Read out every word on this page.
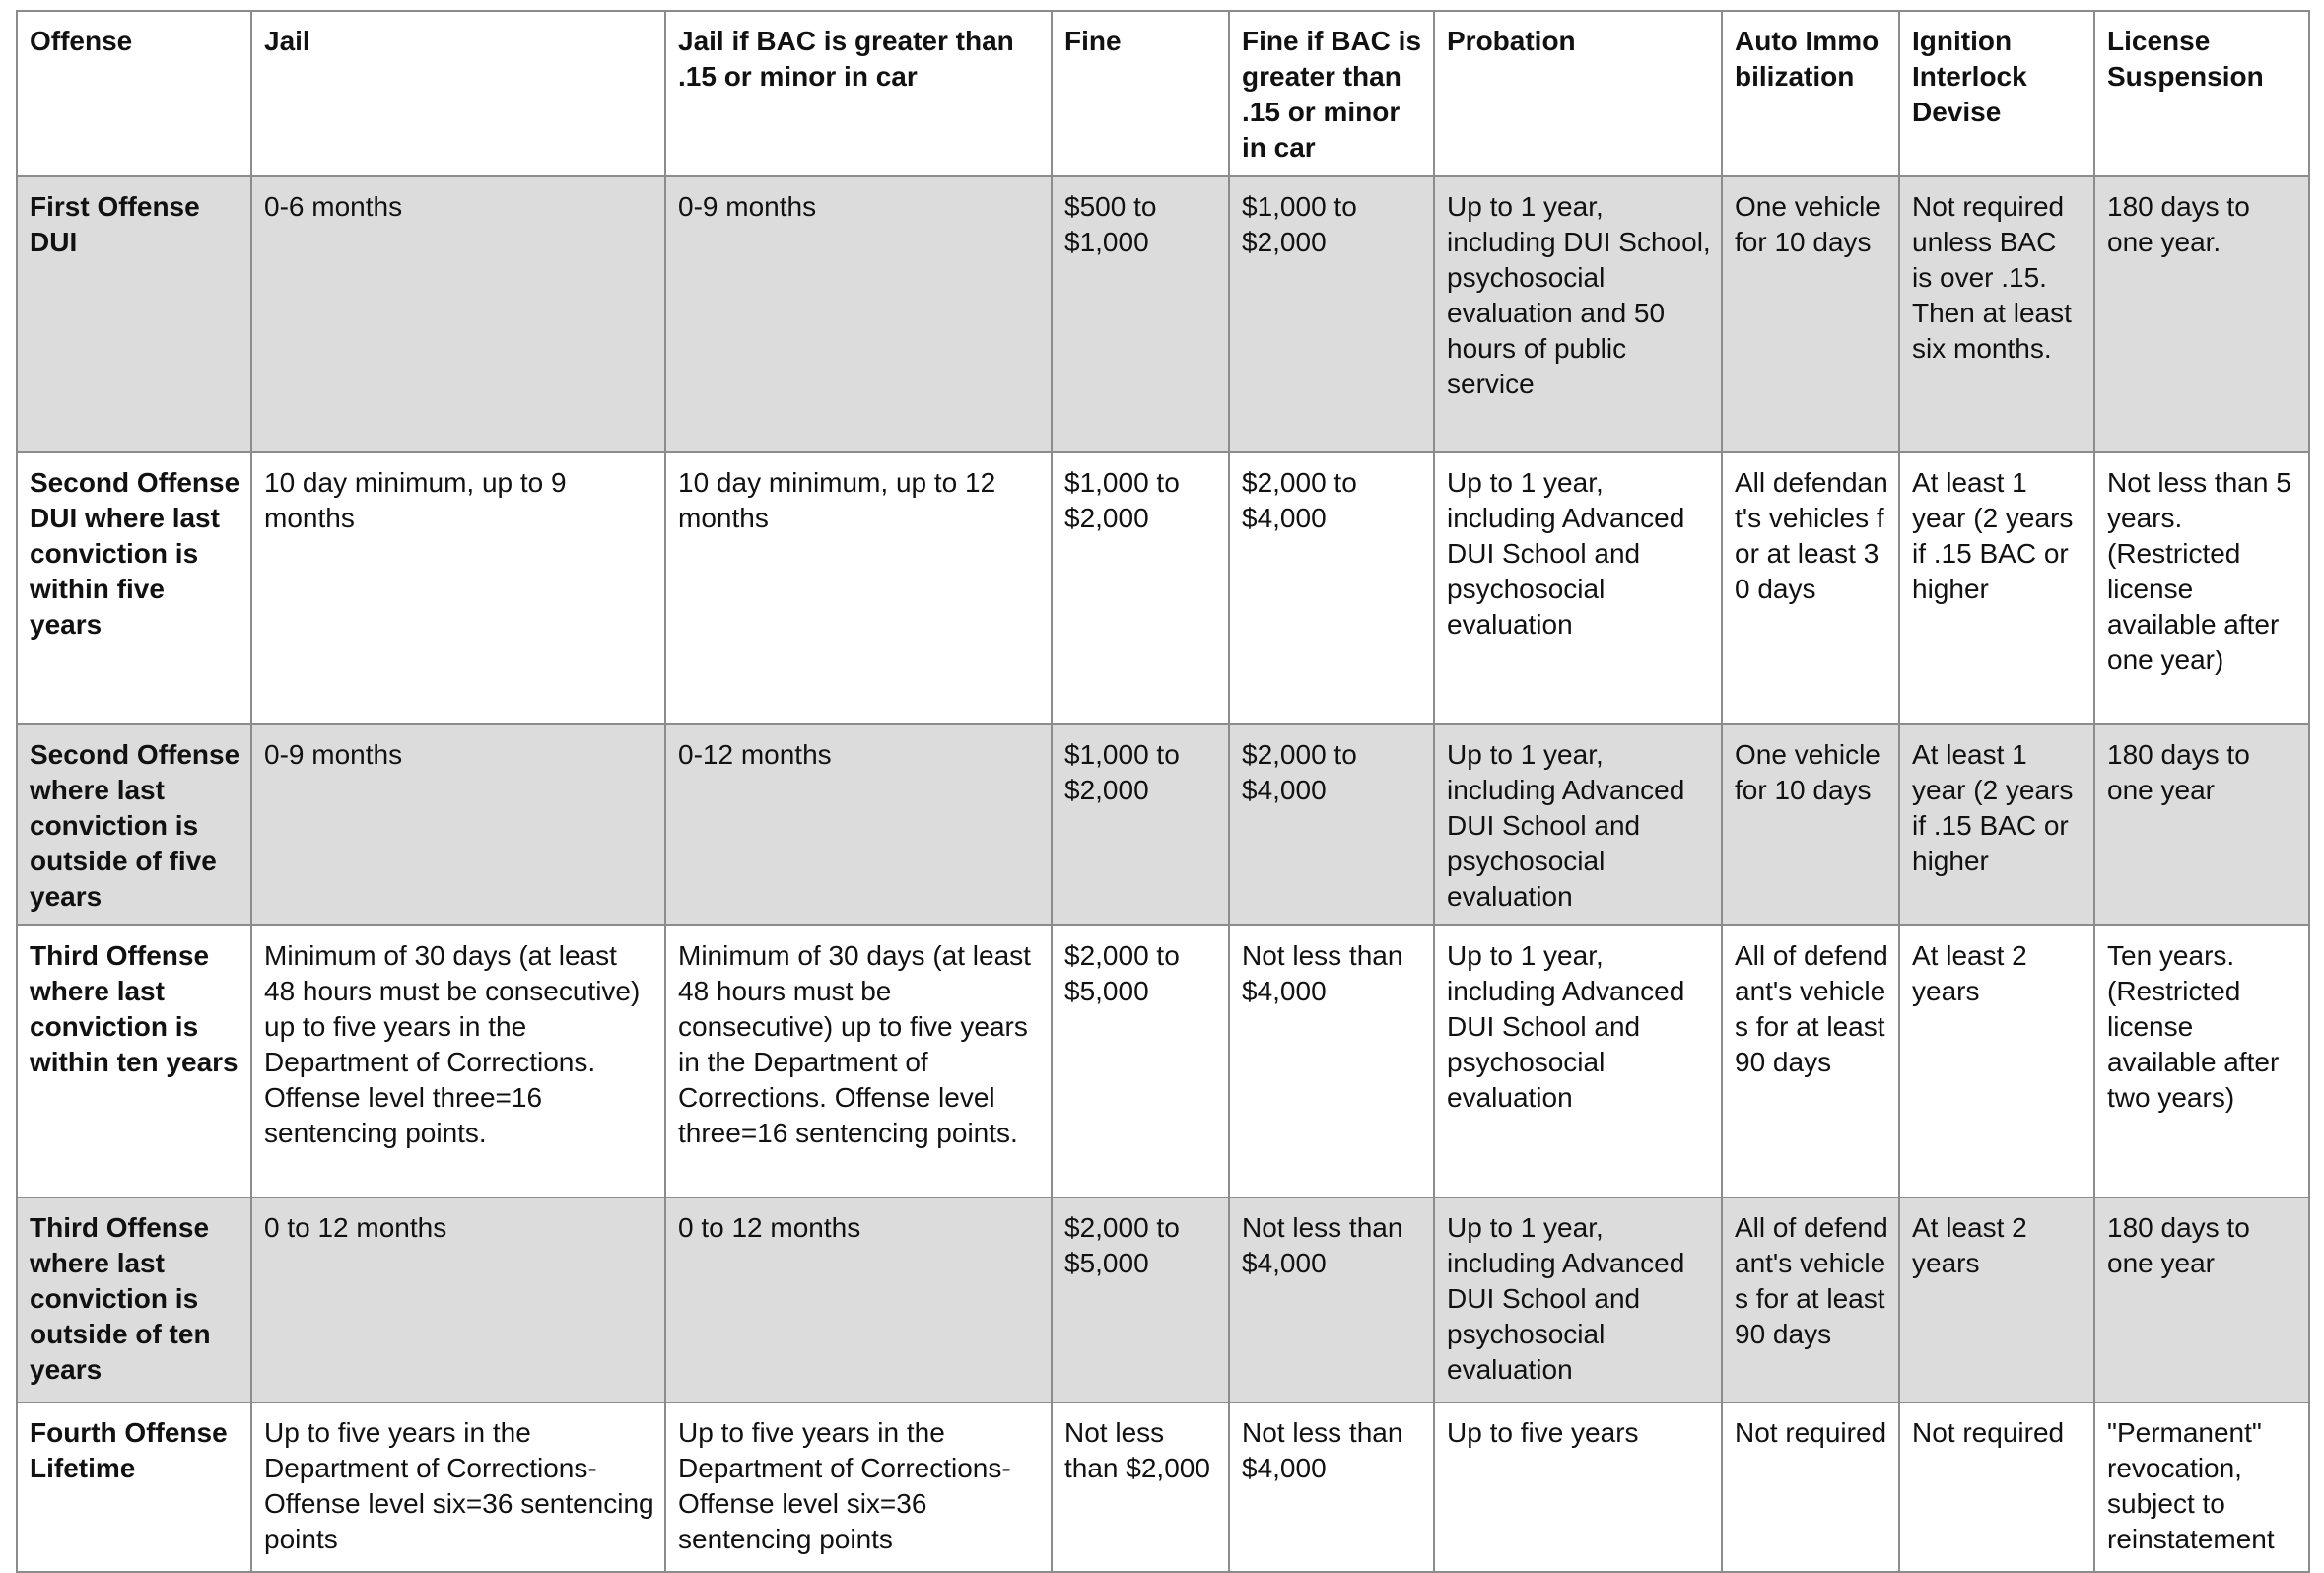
Offense	Jail	Jail if BAC is greater than .15 or minor in car	Fine	Fine if BAC is greater than .15 or minor in car	Probation	Auto Immobilization	Ignition Interlock Devise	License Suspension
First Offense DUI	0-6 months	0-9 months	$500 to $1,000	$1,000 to $2,000	Up to 1 year, including DUI School, psychosocial evaluation and 50 hours of public service	One vehicle for 10 days	Not required unless BAC is over .15. Then at least six months.	180 days to one year.
Second Offense DUI where last conviction is within five years	10 day minimum, up to 9 months	10 day minimum, up to 12 months	$1,000 to $2,000	$2,000 to $4,000	Up to 1 year, including Advanced DUI School and psychosocial evaluation	All defendant's vehicles for at least 30 days	At least 1 year (2 years if .15 BAC or higher	Not less than 5 years. (Restricted license available after one year)
Second Offense where last conviction is outside of five years	0-9 months	0-12 months	$1,000 to $2,000	$2,000 to $4,000	Up to 1 year, including Advanced DUI School and psychosocial evaluation	One vehicle for 10 days	At least 1 year (2 years if .15 BAC or higher	180 days to one year
Third Offense where last conviction is within ten years	Minimum of 30 days (at least 48 hours must be consecutive) up to five years in the Department of Corrections. Offense level three=16 sentencing points.	Minimum of 30 days (at least 48 hours must be consecutive) up to five years in the Department of Corrections. Offense level three=16 sentencing points.	$2,000 to $5,000	Not less than $4,000	Up to 1 year, including Advanced DUI School and psychosocial evaluation	All of defendant's vehicles for at least 90 days	At least 2 years	Ten years. (Restricted license available after two years)
Third Offense where last conviction is outside of ten years	0 to 12 months	0 to 12 months	$2,000 to $5,000	Not less than $4,000	Up to 1 year, including Advanced DUI School and psychosocial evaluation	All of defendant's vehicles for at least 90 days	At least 2 years	180 days to one year
Fourth Offense Lifetime	Up to five years in the Department of Corrections-Offense level six=36 sentencing points	Up to five years in the Department of Corrections-Offense level six=36 sentencing points	Not less than $2,000	Not less than $4,000	Up to five years	Not required	Not required	"Permanent" revocation, subject to reinstatement
